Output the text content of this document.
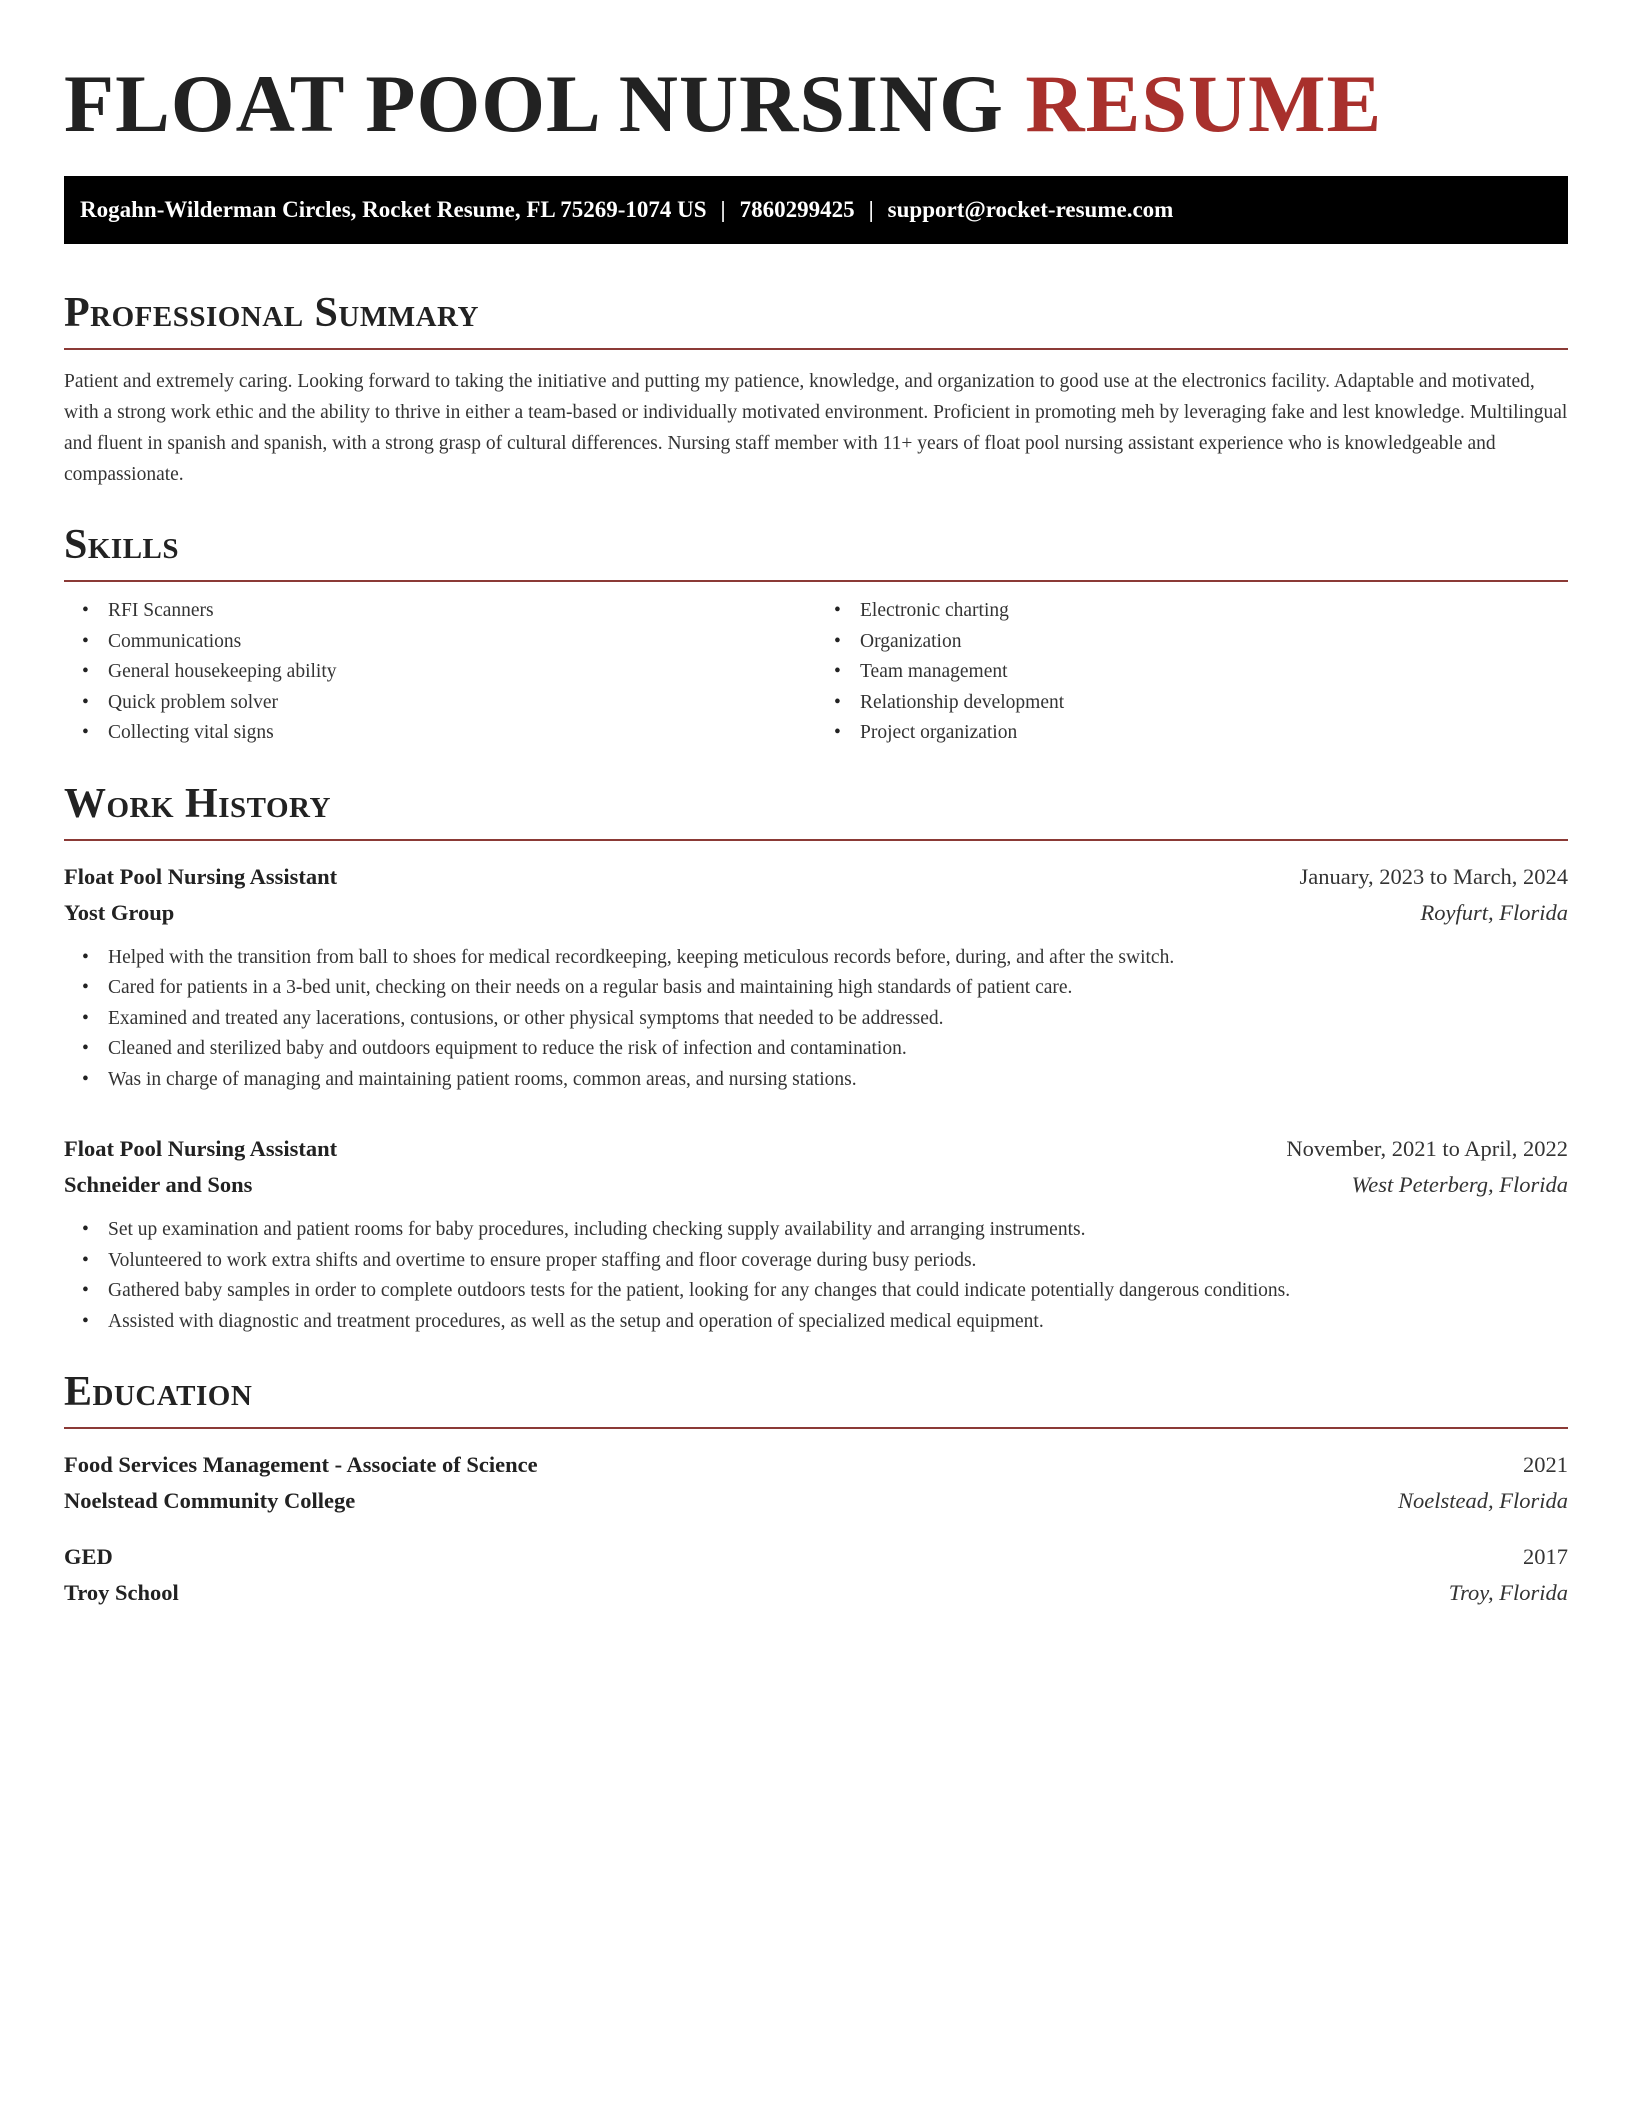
FLOAT POOL NURSING RESUME
Rogahn-Wilderman Circles, Rocket Resume, FL 75269-1074 US | 7860299425 | support@rocket-resume.com
Professional Summary

Patient and extremely caring. Looking forward to taking the initiative and putting my patience, knowledge, and organization to good use at the electronics facility. Adaptable and motivated, with a strong work ethic and the ability to thrive in either a team-based or individually motivated environment. Proficient in promoting meh by leveraging fake and lest knowledge. Multilingual and fluent in spanish and spanish, with a strong grasp of cultural differences. Nursing staff member with 11+ years of float pool nursing assistant experience who is knowledgeable and compassionate.

Skills
• RFI Scanners
• Communications
• General housekeeping ability
• Quick problem solver
• Collecting vital signs
• Electronic charting
• Organization
• Team management
• Relationship development
• Project organization
Work History
Float Pool Nursing Assistant	January, 2023 to March, 2024
Yost Group	Royfurt, Florida
• Helped with the transition from ball to shoes for medical recordkeeping, keeping meticulous records before, during, and after the switch.
• Cared for patients in a 3-bed unit, checking on their needs on a regular basis and maintaining high standards of patient care.
• Examined and treated any lacerations, contusions, or other physical symptoms that needed to be addressed.
• Cleaned and sterilized baby and outdoors equipment to reduce the risk of infection and contamination.
• Was in charge of managing and maintaining patient rooms, common areas, and nursing stations.
Float Pool Nursing Assistant	November, 2021 to April, 2022
Schneider and Sons	West Peterberg, Florida
• Set up examination and patient rooms for baby procedures, including checking supply availability and arranging instruments.
• Volunteered to work extra shifts and overtime to ensure proper staffing and floor coverage during busy periods.
• Gathered baby samples in order to complete outdoors tests for the patient, looking for any changes that could indicate potentially dangerous conditions.
• Assisted with diagnostic and treatment procedures, as well as the setup and operation of specialized medical equipment.
Education
Food Services Management - Associate of Science	2021
Noelstead Community College	Noelstead, Florida
GED	2017
Troy School	Troy, Florida
